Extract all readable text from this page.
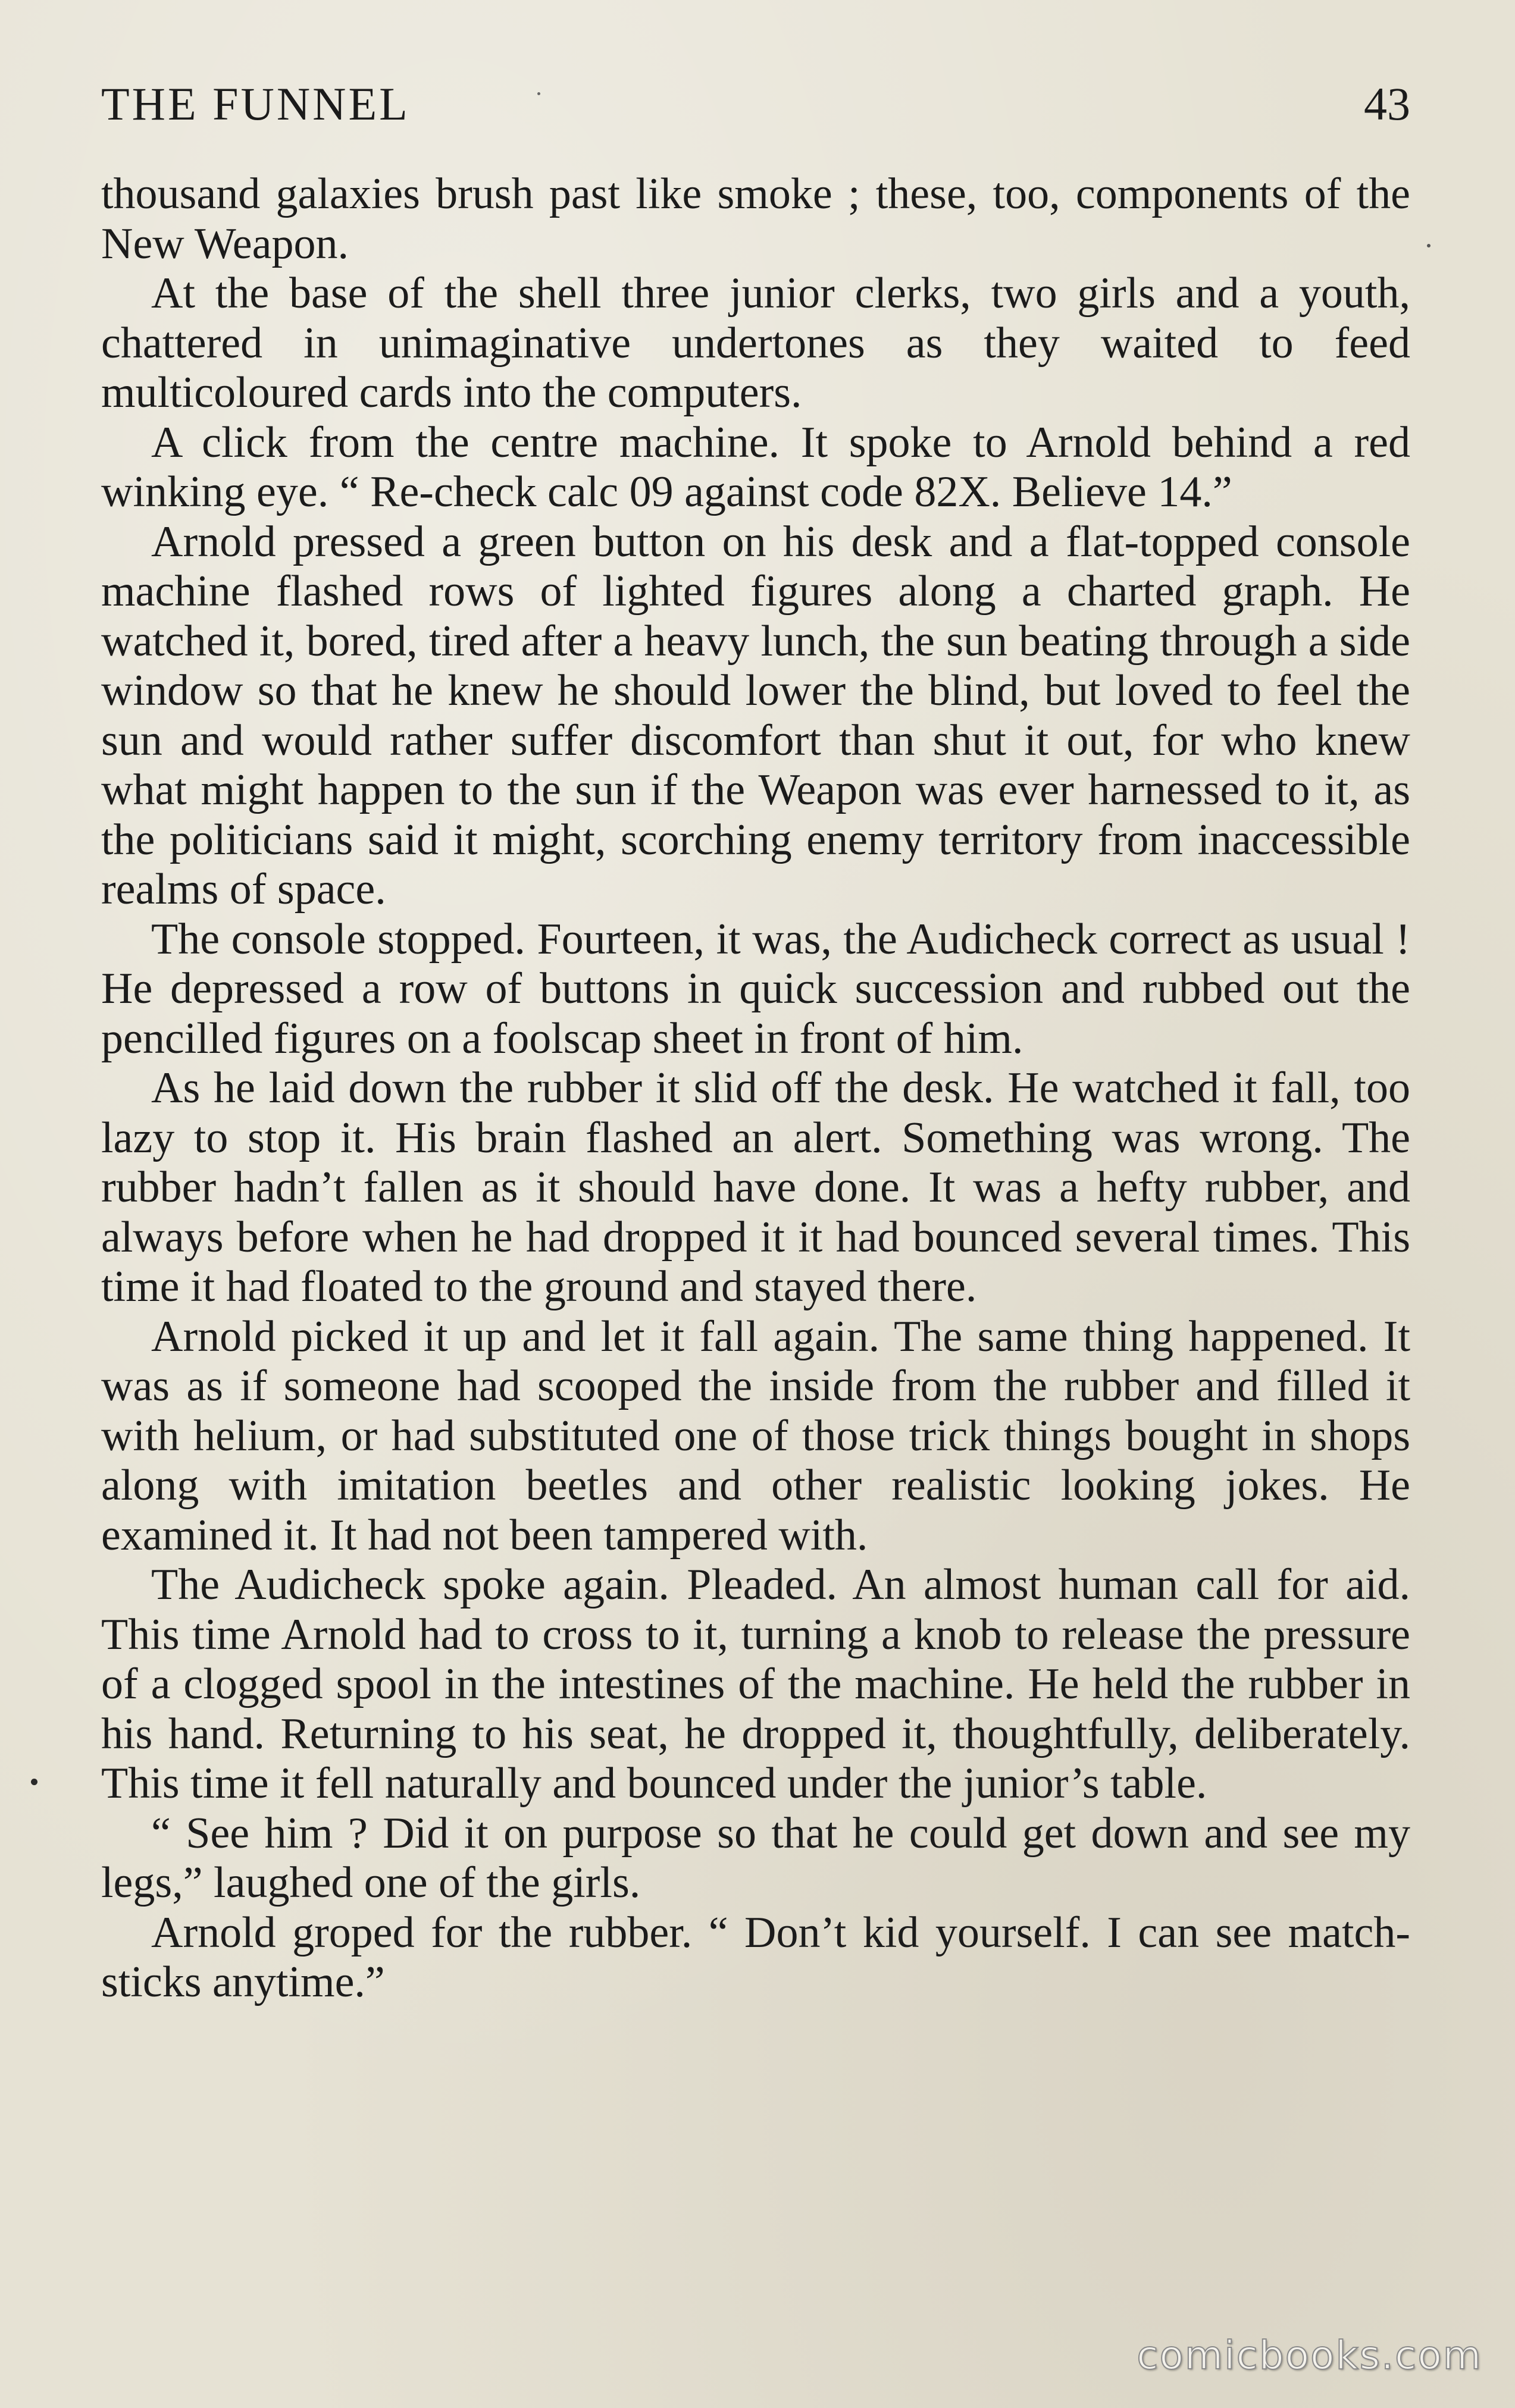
THE FUNNEL	43

thousand galaxies brush past like smoke ; these, too, components of the New Weapon.

At the base of the shell three junior clerks, two girls and a youth, chattered in unimaginative undertones as they waited to feed multicoloured cards into the computers.

A click from the centre machine. It spoke to Arnold behind a red winking eye. “ Re-check calc 09 against code 82X. Believe 14.”

Arnold pressed a green button on his desk and a flat-topped console machine flashed rows of lighted figures along a charted graph. He watched it, bored, tired after a heavy lunch, the sun beating through a side window so that he knew he should lower the blind, but loved to feel the sun and would rather suffer discomfort than shut it out, for who knew what might happen to the sun if the Weapon was ever harnessed to it, as the politicians said it might, scorching enemy territory from inaccessible realms of space.

The console stopped. Fourteen, it was, the Audicheck correct as usual ! He depressed a row of buttons in quick succession and rubbed out the pencilled figures on a foolscap sheet in front of him.

As he laid down the rubber it slid off the desk. He watched it fall, too lazy to stop it. His brain flashed an alert. Something was wrong. The rubber hadn’t fallen as it should have done. It was a hefty rubber, and always before when he had dropped it it had bounced several times. This time it had floated to the ground and stayed there.

Arnold picked it up and let it fall again. The same thing happened. It was as if someone had scooped the inside from the rubber and filled it with helium, or had substituted one of those trick things bought in shops along with imitation beetles and other realistic looking jokes. He examined it. It had not been tampered with.

The Audicheck spoke again. Pleaded. An almost human call for aid. This time Arnold had to cross to it, turning a knob to release the pressure of a clogged spool in the intestines of the machine. He held the rubber in his hand. Returning to his seat, he dropped it, thoughtfully, deliberately. This time it fell naturally and bounced under the junior’s table.

“ See him ? Did it on purpose so that he could get down and see my legs,” laughed one of the girls.

Arnold groped for the rubber. “ Don’t kid yourself. I can see match-sticks anytime.”

comicbooks.com
